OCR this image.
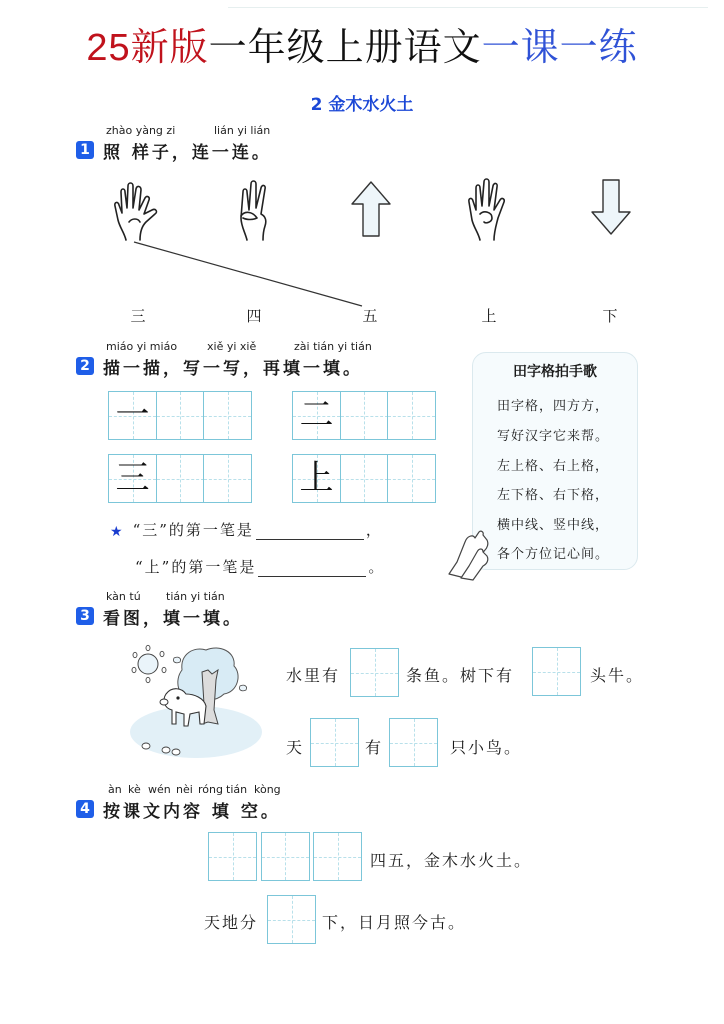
25新版一年级上册语文一课一练
2 金木水火土
zhào yàng zi	lián yi lián
1 照 样子，连一连。
三	四	五	上	下
miáo yi miáo	xiě yi xiě	zài tián yi tián
2 描一描，写一写，再填一填。
一	二
三	上
★ “三”的第一笔是	，
“上”的第一笔是	。
田字格拍手歌
田字格，四方方，
写好汉字它来帮。
左上格、右上格，
左下格、右下格，
横中线、竖中线，
各个方位记心间。
kàn tú tián yi tián
3 看图，填一填。
水里有	条鱼。树下有	头牛。
天	有	只小鸟。
àn kè wén nèi róng tián kòng
4 按课文内容 填 空。
四五，金木水火土。
天地分	下，日月照今古。
